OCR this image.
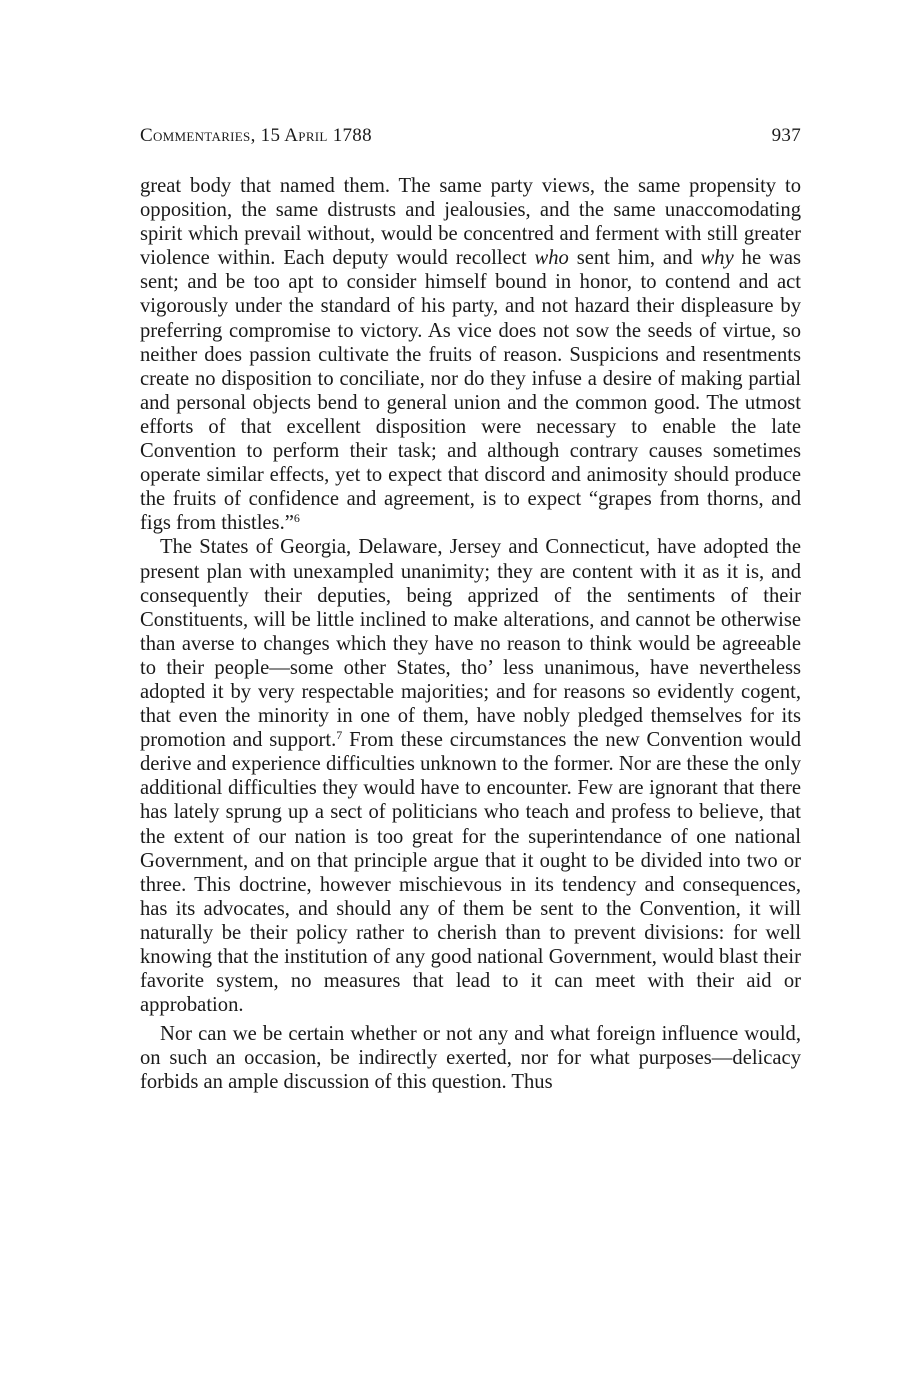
Commentaries, 15 April 1788	937

great body that named them. The same party views, the same propensity to opposition, the same distrusts and jealousies, and the same unaccomodating spirit which prevail without, would be concentred and ferment with still greater violence within. Each deputy would recollect who sent him, and why he was sent; and be too apt to consider himself bound in honor, to contend and act vigorously under the standard of his party, and not hazard their displeasure by preferring compromise to victory. As vice does not sow the seeds of virtue, so neither does passion cultivate the fruits of reason. Suspicions and resentments create no disposition to conciliate, nor do they infuse a desire of making partial and personal objects bend to general union and the common good. The utmost efforts of that excellent disposition were necessary to enable the late Convention to perform their task; and although contrary causes sometimes operate similar effects, yet to expect that discord and animosity should produce the fruits of confidence and agreement, is to expect “grapes from thorns, and figs from thistles.”$^6$

The States of Georgia, Delaware, Jersey and Connecticut, have adopted the present plan with unexampled unanimity; they are content with it as it is, and consequently their deputies, being apprized of the sentiments of their Constituents, will be little inclined to make alterations, and cannot be otherwise than averse to changes which they have no reason to think would be agreeable to their people—some other States, tho’ less unanimous, have nevertheless adopted it by very respectable majorities; and for reasons so evidently cogent, that even the minority in one of them, have nobly pledged themselves for its promotion and support.$^7$ From these circumstances the new Convention would derive and experience difficulties unknown to the former. Nor are these the only additional difficulties they would have to encounter. Few are ignorant that there has lately sprung up a sect of politicians who teach and profess to believe, that the extent of our nation is too great for the superintendance of one national Government, and on that principle argue that it ought to be divided into two or three. This doctrine, however mischievous in its tendency and consequences, has its advocates, and should any of them be sent to the Convention, it will naturally be their policy rather to cherish than to prevent divisions: for well knowing that the institution of any good national Government, would blast their favorite system, no measures that lead to it can meet with their aid or approbation.

Nor can we be certain whether or not any and what foreign influence would, on such an occasion, be indirectly exerted, nor for what purposes—delicacy forbids an ample discussion of this question. Thus
